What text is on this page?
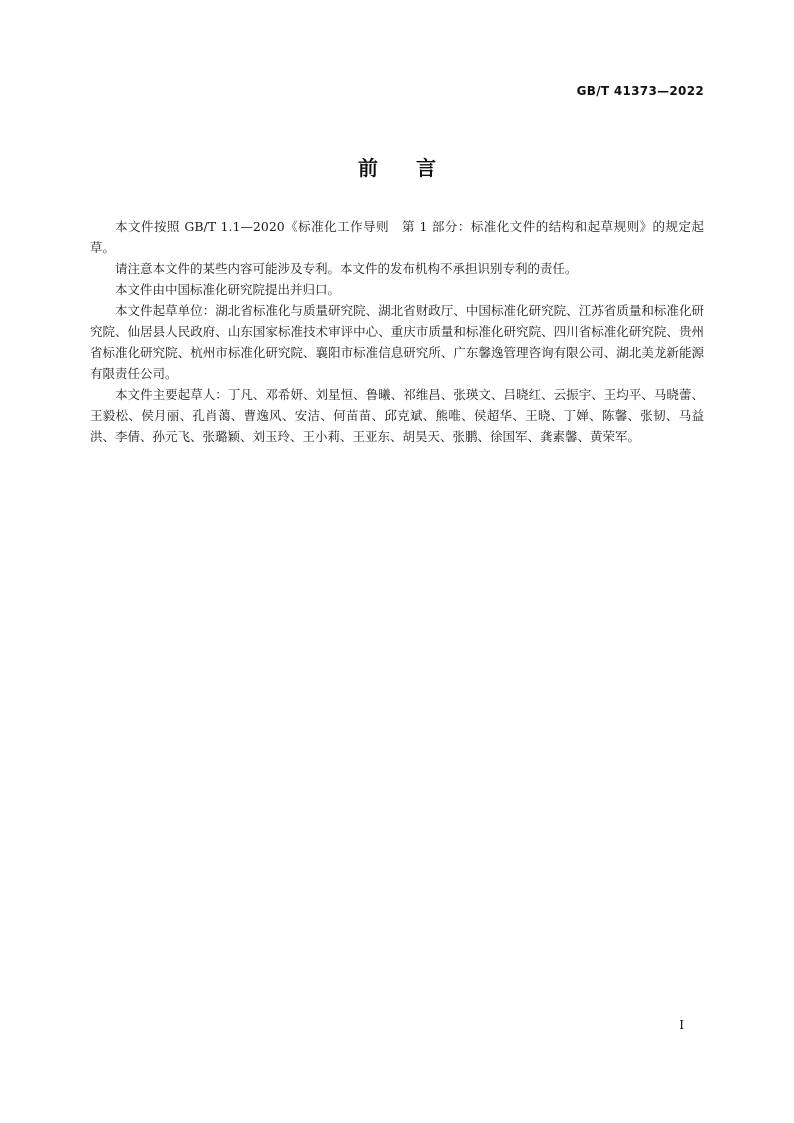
GB/T 41373—2022
前言

本文件按照 GB/T 1.1—2020《标准化工作导则　第 1 部分：标准化文件的结构和起草规则》的规定起草。

请注意本文件的某些内容可能涉及专利。本文件的发布机构不承担识别专利的责任。

本文件由中国标准化研究院提出并归口。

本文件起草单位：湖北省标准化与质量研究院、湖北省财政厅、中国标准化研究院、江苏省质量和标准化研究院、仙居县人民政府、山东国家标准技术审评中心、重庆市质量和标准化研究院、四川省标准化研究院、贵州省标准化研究院、杭州市标准化研究院、襄阳市标准信息研究所、广东馨逸管理咨询有限公司、湖北美龙新能源有限责任公司。

本文件主要起草人：丁凡、邓希妍、刘星恒、鲁曦、祁维昌、张瑛文、吕晓红、云振宇、王均平、马晓蕾、王毅松、侯月丽、孔肖蔼、曹逸风、安洁、何苗苗、邱克斌、熊唯、侯超华、王晓、丁婵、陈馨、张韧、马益洪、李倩、孙元飞、张璐颖、刘玉玲、王小莉、王亚东、胡昊天、张鹏、徐国军、龚素馨、黄荣军。

I
